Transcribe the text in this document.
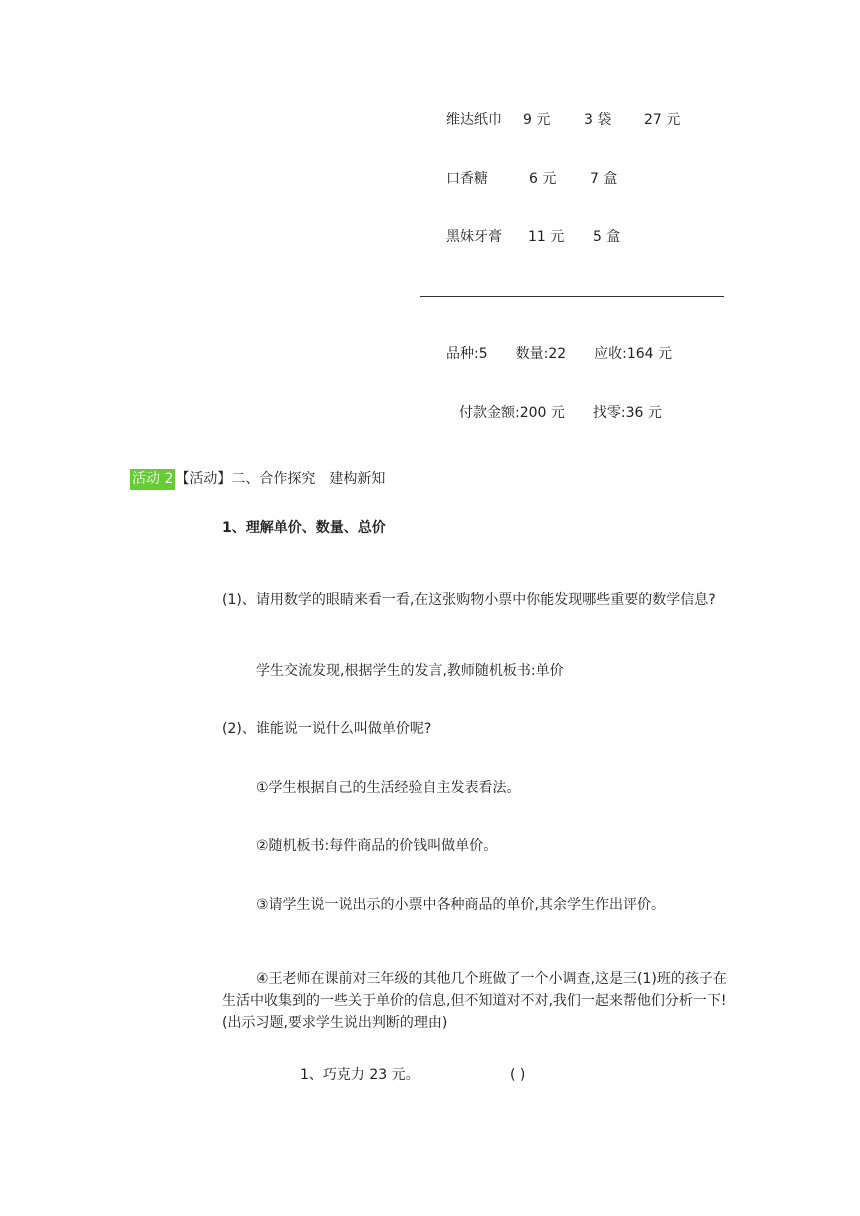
维达纸巾 9 元 3 袋 27 元
口香糖	6 元 7 盒
黑妹牙膏 11 元 5 盒

品种:5　　数量:22　　应收:164 元

付款金额:200 元　　找零:36 元

活动 2 【活动】二、合作探究　建构新知

1、理解单价、数量、总价

(1)、请用数学的眼睛来看一看,在这张购物小票中你能发现哪些重要的数学信息?

学生交流发现,根据学生的发言,教师随机板书:单价

(2)、谁能说一说什么叫做单价呢?

①学生根据自己的生活经验自主发表看法。

②随机板书:每件商品的价钱叫做单价。

③请学生说一说出示的小票中各种商品的单价,其余学生作出评价。

④王老师在课前对三年级的其他几个班做了一个小调查,这是三(1)班的孩子在生活中收集到的一些关于单价的信息,但不知道对不对,我们一起来帮他们分析一下!(出示习题,要求学生说出判断的理由)

1、巧克力 23 元。	( )
